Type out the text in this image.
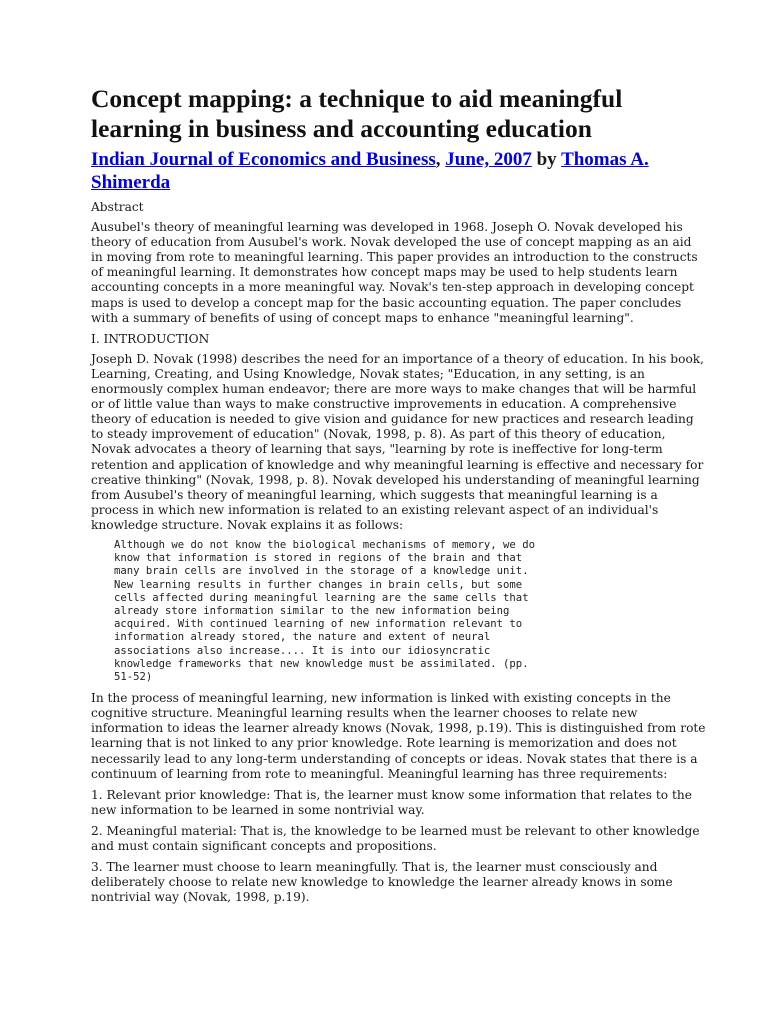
Concept mapping: a technique to aid meaningful learning in business and accounting education
Indian Journal of Economics and Business, June, 2007 by Thomas A. Shimerda

Abstract

Ausubel's theory of meaningful learning was developed in 1968. Joseph O. Novak developed his theory of education from Ausubel's work. Novak developed the use of concept mapping as an aid in moving from rote to meaningful learning. This paper provides an introduction to the constructs of meaningful learning. It demonstrates how concept maps may be used to help students learn accounting concepts in a more meaningful way. Novak's ten-step approach in developing concept maps is used to develop a concept map for the basic accounting equation. The paper concludes with a summary of benefits of using of concept maps to enhance "meaningful learning".

I. INTRODUCTION

Joseph D. Novak (1998) describes the need for an importance of a theory of education. In his book, Learning, Creating, and Using Knowledge, Novak states; "Education, in any setting, is an enormously complex human endeavor; there are more ways to make changes that will be harmful or of little value than ways to make constructive improvements in education. A comprehensive theory of education is needed to give vision and guidance for new practices and research leading to steady improvement of education" (Novak, 1998, p. 8). As part of this theory of education, Novak advocates a theory of learning that says, "learning by rote is ineffective for long-term retention and application of knowledge and why meaningful learning is effective and necessary for creative thinking" (Novak, 1998, p. 8). Novak developed his understanding of meaningful learning from Ausubel's theory of meaningful learning, which suggests that meaningful learning is a process in which new information is related to an existing relevant aspect of an individual's knowledge structure. Novak explains it as follows:

Although we do not know the biological mechanisms of memory, we do
know that information is stored in regions of the brain and that
many brain cells are involved in the storage of a knowledge unit.
New learning results in further changes in brain cells, but some
cells affected during meaningful learning are the same cells that
already store information similar to the new information being
acquired. With continued learning of new information relevant to
information already stored, the nature and extent of neural
associations also increase.... It is into our idiosyncratic
knowledge frameworks that new knowledge must be assimilated. (pp.
51-52)

In the process of meaningful learning, new information is linked with existing concepts in the cognitive structure. Meaningful learning results when the learner chooses to relate new information to ideas the learner already knows (Novak, 1998, p.19). This is distinguished from rote learning that is not linked to any prior knowledge. Rote learning is memorization and does not necessarily lead to any long-term understanding of concepts or ideas. Novak states that there is a continuum of learning from rote to meaningful. Meaningful learning has three requirements:

1. Relevant prior knowledge: That is, the learner must know some information that relates to the new information to be learned in some nontrivial way.

2. Meaningful material: That is, the knowledge to be learned must be relevant to other knowledge and must contain significant concepts and propositions.

3. The learner must choose to learn meaningfully. That is, the learner must consciously and deliberately choose to relate new knowledge to knowledge the learner already knows in some nontrivial way (Novak, 1998, p.19).
